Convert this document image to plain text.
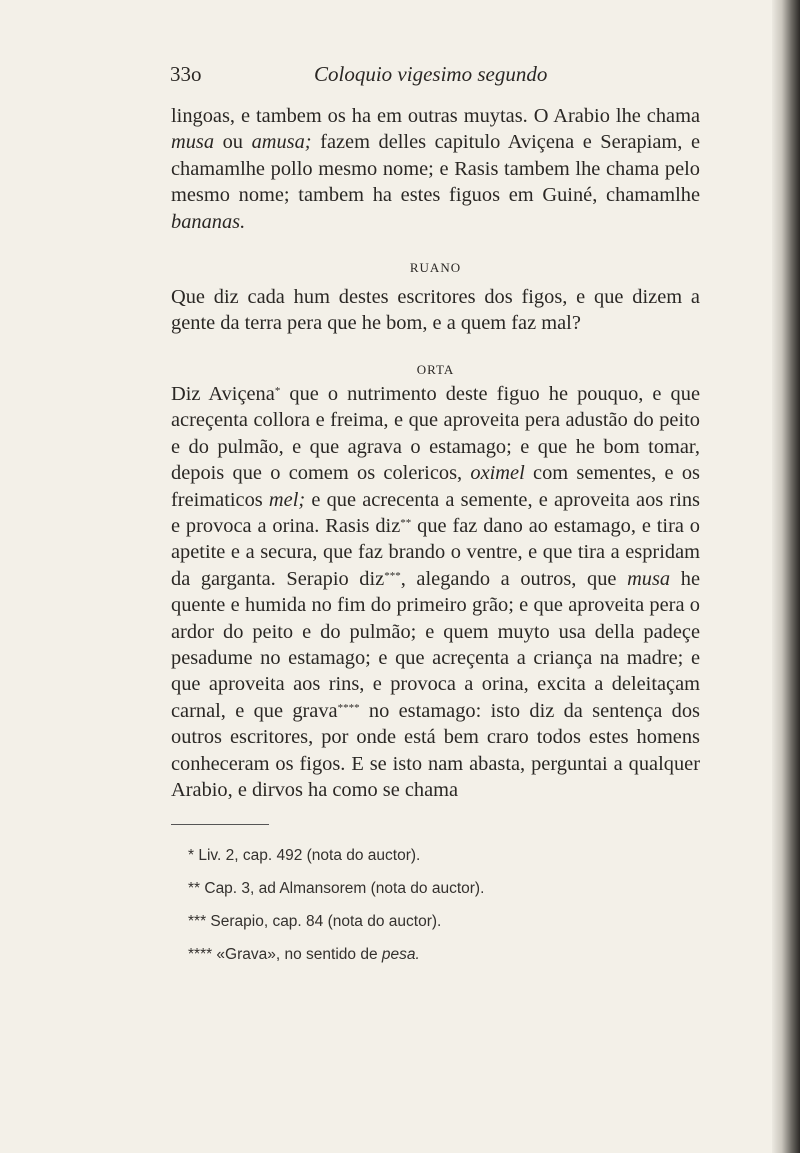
33o	Coloquio vigesimo segundo
lingoas, e tambem os ha em outras muytas. O Arabio lhe chama musa ou amusa; fazem delles capitulo Aviçena e Serapiam, e chamamlhe pollo mesmo nome; e Rasis tambem lhe chama pelo mesmo nome; tambem ha estes figuos em Guiné, chamamlhe bananas.
RUANO
Que diz cada hum destes escritores dos figos, e que dizem a gente da terra pera que he bom, e a quem faz mal?
ORTA
Diz Aviçena* que o nutrimento deste figuo he pouquo, e que acreçenta collora e freima, e que aproveita pera adustão do peito e do pulmão, e que agrava o estamago; e que he bom tomar, depois que o comem os colericos, oximel com sementes, e os freimaticos mel; e que acrecenta a semente, e aproveita aos rins e provoca a orina. Rasis diz** que faz dano ao estamago, e tira o apetite e a secura, que faz brando o ventre, e que tira a espridam da garganta. Serapio diz***, alegando a outros, que musa he quente e humida no fim do primeiro grão; e que aproveita pera o ardor do peito e do pulmão; e quem muyto usa della padeçe pesadume no estamago; e que acreçenta a criança na madre; e que aproveita aos rins, e provoca a orina, excita a deleitaçam carnal, e que grava**** no estamago: isto diz da sentença dos outros escritores, por onde está bem craro todos estes homens conheceram os figos. E se isto nam abasta, perguntai a qualquer Arabio, e dirvos ha como se chama
* Liv. 2, cap. 492 (nota do auctor).
** Cap. 3, ad Almansorem (nota do auctor).
*** Serapio, cap. 84 (nota do auctor).
**** «Grava», no sentido de pesa.
